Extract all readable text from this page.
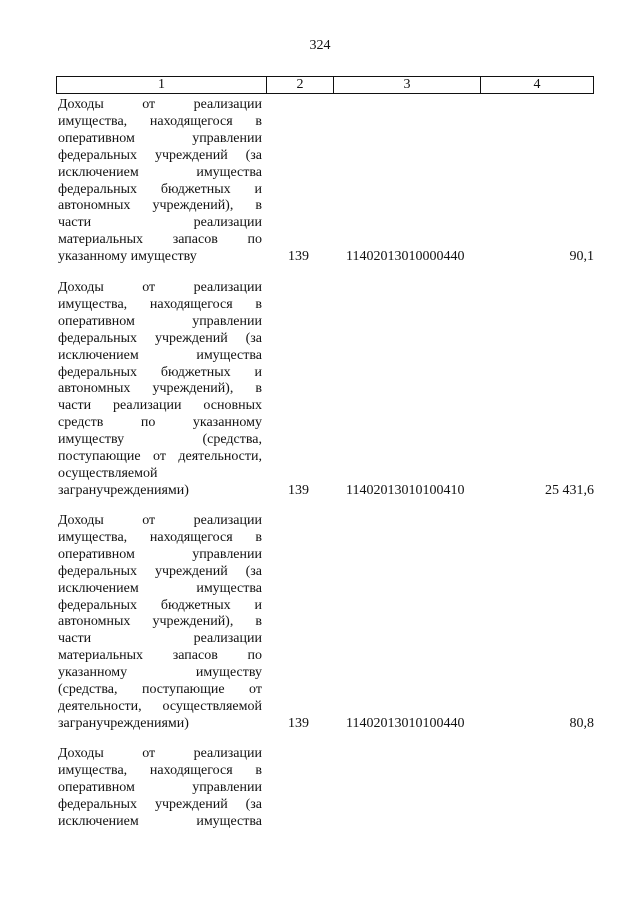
324
1	2	3	4
Доходы от реализации
имущества, находящегося в
оперативном управлении
федеральных учреждений (за
исключением имущества
федеральных бюджетных и
автономных учреждений), в
части реализации
материальных запасов по
указанному имуществу	139	11402013010000440	90,1
Доходы от реализации
имущества, находящегося в
оперативном управлении
федеральных учреждений (за
исключением имущества
федеральных бюджетных и
автономных учреждений), в
части реализации основных
средств по указанному
имуществу (средства,
поступающие от деятельности,
осуществляемой
загранучреждениями)	139	11402013010100410	25 431,6
Доходы от реализации
имущества, находящегося в
оперативном управлении
федеральных учреждений (за
исключением имущества
федеральных бюджетных и
автономных учреждений), в
части реализации
материальных запасов по
указанному имуществу
(средства, поступающие от
деятельности, осуществляемой
загранучреждениями)	139	11402013010100440	80,8
Доходы от реализации
имущества, находящегося в
оперативном управлении
федеральных учреждений (за
исключением имущества
